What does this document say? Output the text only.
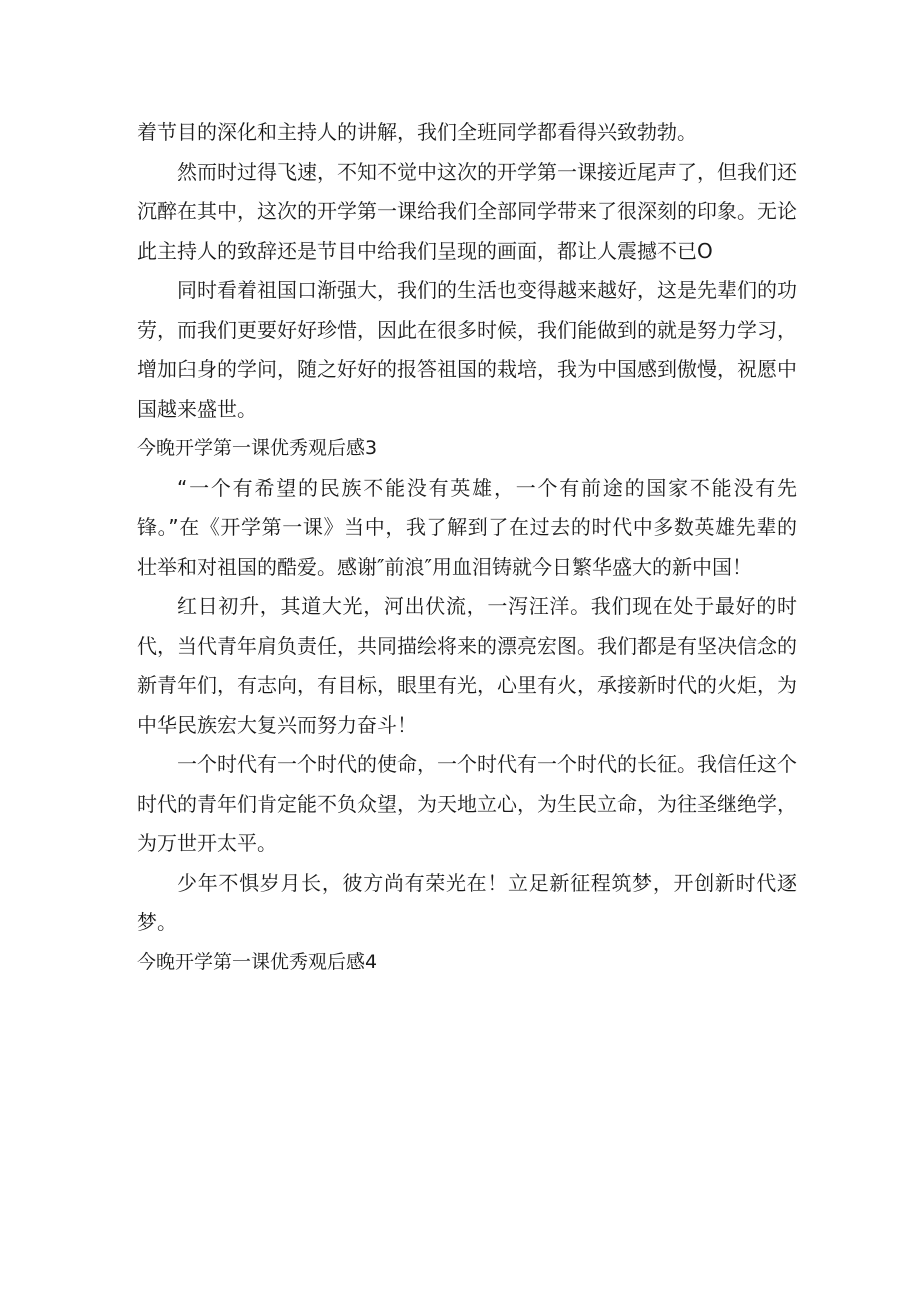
着节目的深化和主持人的讲解，我们全班同学都看得兴致勃勃。

然而时过得飞速，不知不觉中这次的开学第一课接近尾声了，但我们还沉醉在其中，这次的开学第一课给我们全部同学带来了很深刻的印象。无论此主持人的致辞还是节目中给我们呈现的画面，都让人震撼不已O

同时看着祖国口渐强大，我们的生活也变得越来越好，这是先辈们的功劳，而我们更要好好珍惜，因此在很多时候，我们能做到的就是努力学习，增加臼身的学问，随之好好的报答祖国的栽培，我为中国感到傲慢，祝愿中国越来盛世。

今晚开学第一课优秀观后感3

“一个有希望的民族不能没有英雄，一个有前途的国家不能没有先锋。”在《开学第一课》当中，我了解到了在过去的时代中多数英雄先辈的壮举和对祖国的酷爱。感谢″前浪″用血泪铸就今日繁华盛大的新中国！

红日初升，其道大光，河出伏流，一泻汪洋。我们现在处于最好的时代，当代青年肩负责任，共同描绘将来的漂亮宏图。我们都是有坚决信念的新青年们，有志向，有目标，眼里有光，心里有火，承接新时代的火炬，为中华民族宏大复兴而努力奋斗！

一个时代有一个时代的使命，一个时代有一个时代的长征。我信任这个时代的青年们肯定能不负众望，为天地立心，为生民立命，为往圣继绝学，为万世开太平。

少年不惧岁月长，彼方尚有荣光在！立足新征程筑梦，开创新时代逐梦。

今晚开学第一课优秀观后感4
